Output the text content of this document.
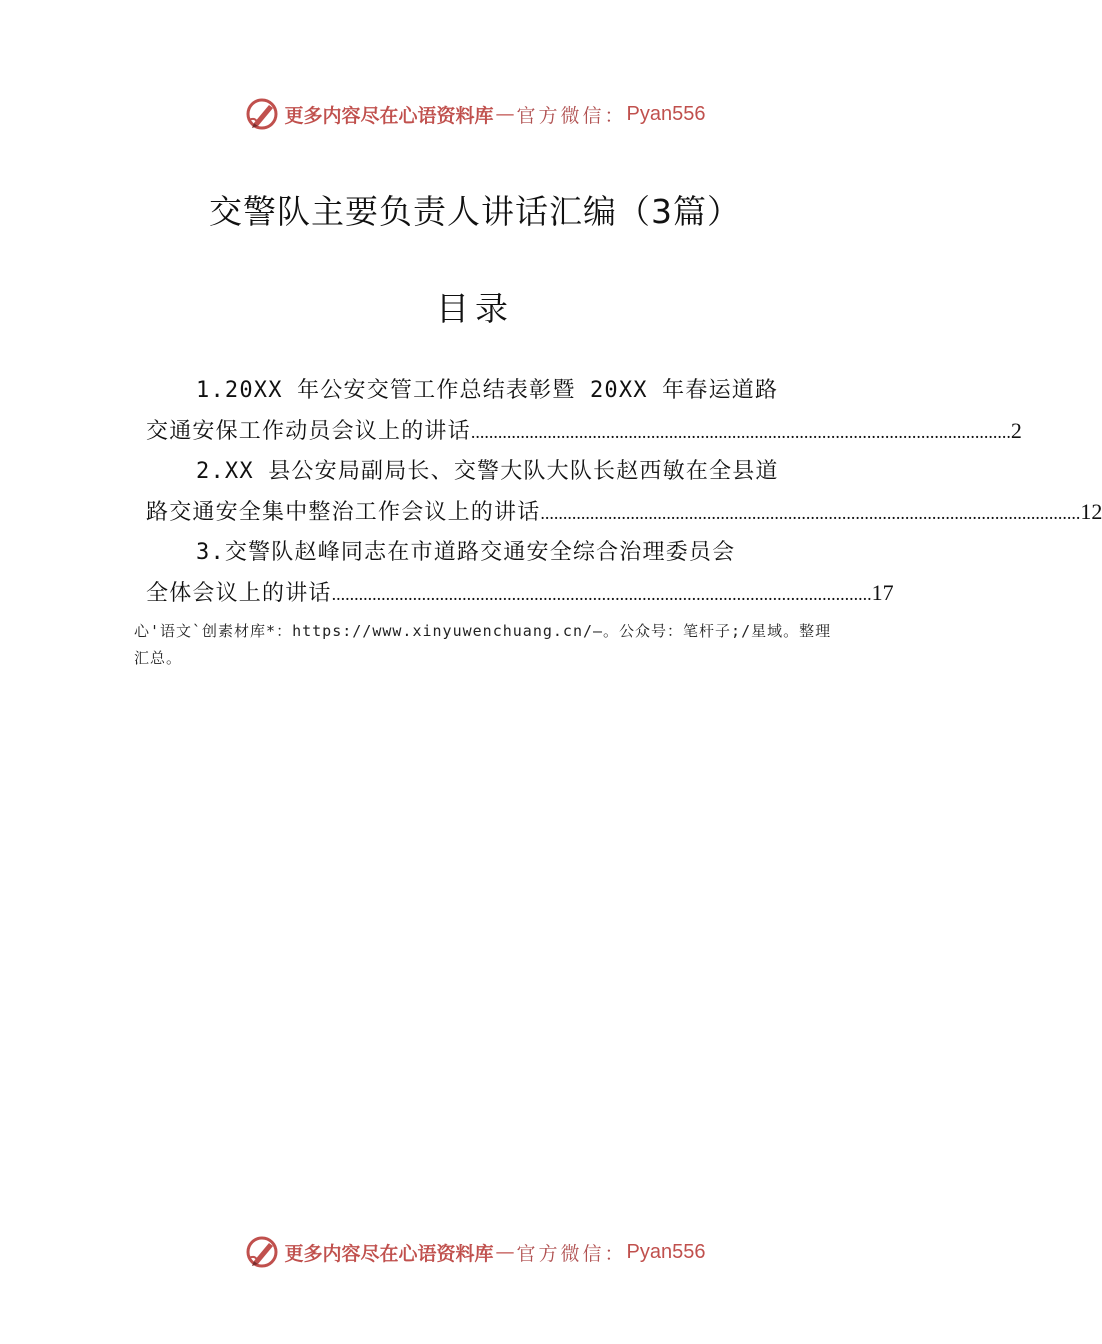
更多内容尽在心语资料库 — 官方微信： Pyan556
交警队主要负责人讲话汇编（3篇）
目录
1.20XX 年公安交管工作总结表彰暨 20XX 年春运道路
交通安保工作动员会议上的讲话 ........................................................................................................................ 2
2.XX 县公安局副局长、交警大队大队长赵西敏在全县道
路交通安全集中整治工作会议上的讲话 ........................................................................................................................ 12
3.交警队赵峰同志在市道路交通安全综合治理委员会
全体会议上的讲话 ........................................................................................................................ 17
心'语文`创素材库*：https://www.xinyuwenchuang.cn/—。公众号：笔杆子;/星域。整理汇总。
更多内容尽在心语资料库 — 官方微信： Pyan556
